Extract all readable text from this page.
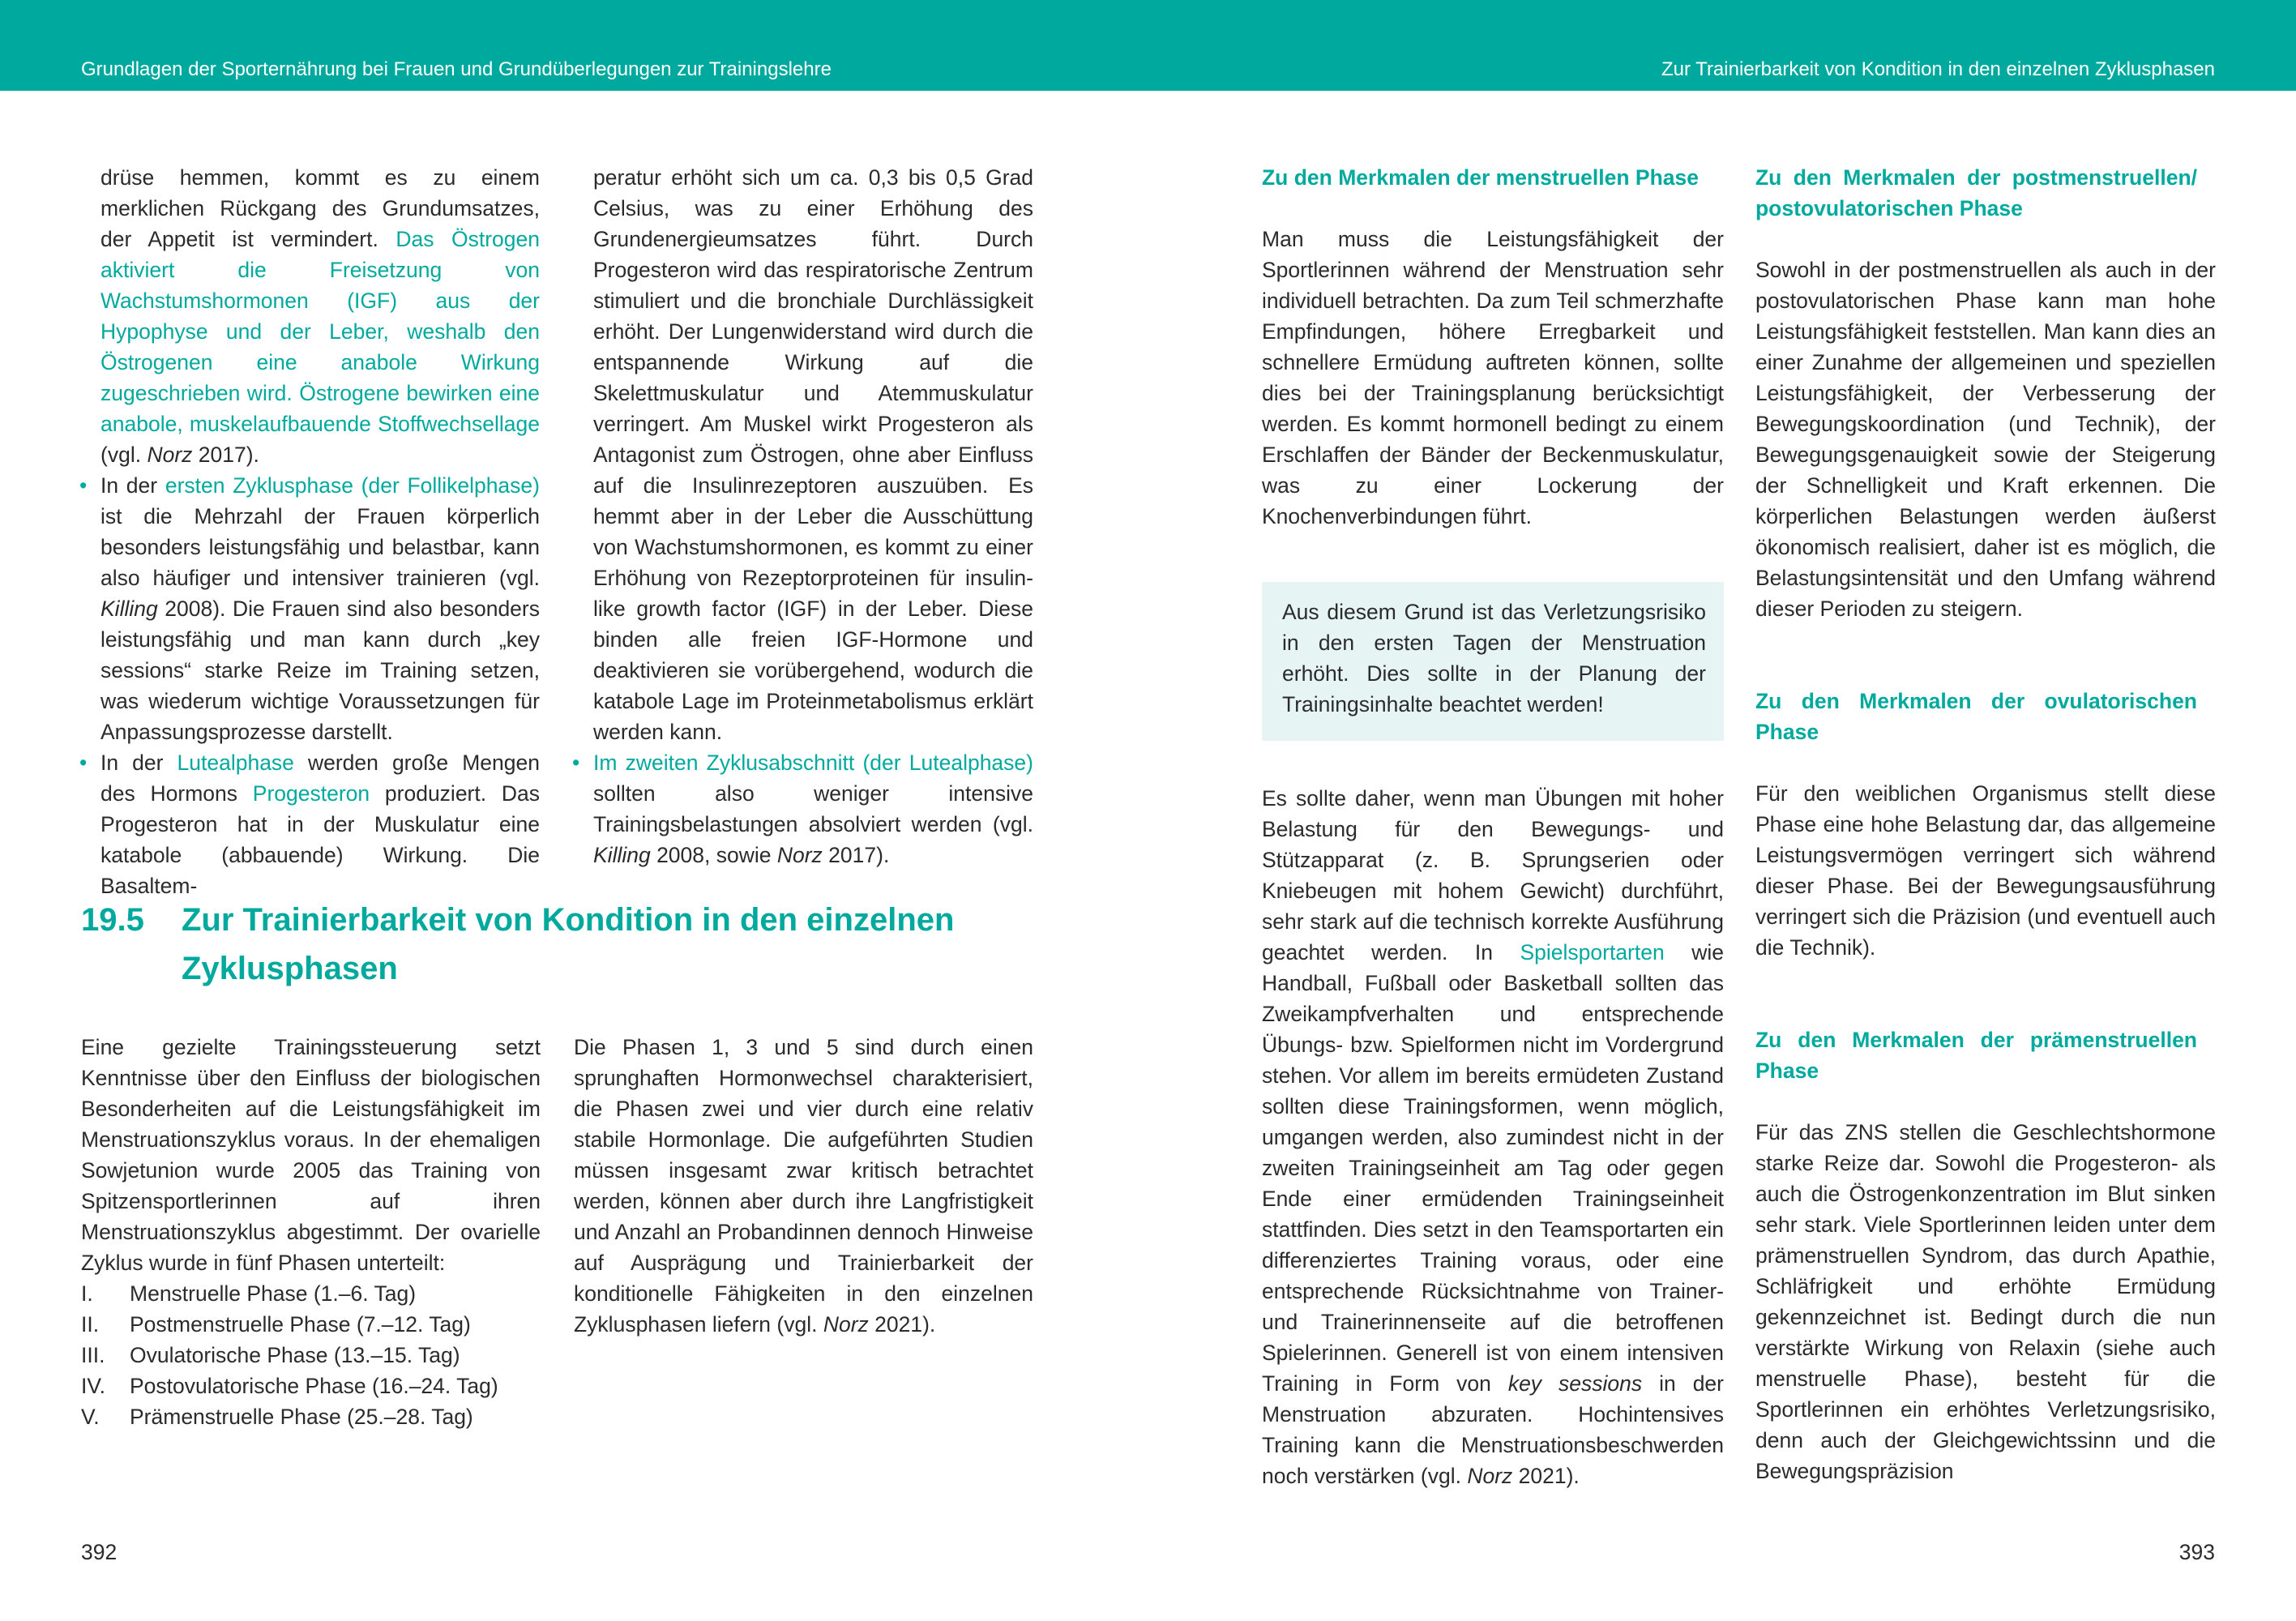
Grundlagen der Sporternährung bei Frauen und Grundüberlegungen zur Trainingslehre	Zur Trainierbarkeit von Kondition in den einzelnen Zyklusphasen

drüse hemmen, kommt es zu einem merklichen Rückgang des Grundumsatzes, der Appetit ist vermindert. Das Östrogen aktiviert die Freisetzung von Wachstumshormonen (IGF) aus der Hypophyse und der Leber, weshalb den Östrogenen eine anabole Wirkung zugeschrieben wird. Östrogene bewirken eine anabole, muskelaufbauende Stoffwechsellage (vgl. Norz 2017).

• In der ersten Zyklusphase (der Follikelphase) ist die Mehrzahl der Frauen körperlich besonders leistungsfähig und belastbar, kann also häufiger und intensiver trainieren (vgl. Killing 2008). Die Frauen sind also besonders leistungsfähig und man kann durch „key sessions“ starke Reize im Training setzen, was wiederum wichtige Voraussetzungen für Anpassungsprozesse darstellt.
• In der Lutealphase werden große Mengen des Hormons Progesteron produziert. Das Progesteron hat in der Muskulatur eine katabole (abbauende) Wirkung. Die Basaltem-

peratur erhöht sich um ca. 0,3 bis 0,5 Grad Celsius, was zu einer Erhöhung des Grundenergieumsatzes führt. Durch Progesteron wird das respiratorische Zentrum stimuliert und die bronchiale Durchlässigkeit erhöht. Der Lungenwiderstand wird durch die entspannende Wirkung auf die Skelettmuskulatur und Atemmuskulatur verringert. Am Muskel wirkt Progesteron als Antagonist zum Östrogen, ohne aber Einfluss auf die Insulinrezeptoren auszuüben. Es hemmt aber in der Leber die Ausschüttung von Wachstumshormonen, es kommt zu einer Erhöhung von Rezeptorproteinen für insulin-like growth factor (IGF) in der Leber. Diese binden alle freien IGF-Hormone und deaktivieren sie vorübergehend, wodurch die katabole Lage im Proteinmetabolismus erklärt werden kann.

• Im zweiten Zyklusabschnitt (der Lutealphase) sollten also weniger intensive Trainingsbelastungen absolviert werden (vgl. Killing 2008, sowie Norz 2017).
19.5	Zur Trainierbarkeit von Kondition in den einzelnen Zyklusphasen

Eine gezielte Trainingssteuerung setzt Kenntnisse über den Einfluss der biologischen Besonderheiten auf die Leistungsfähigkeit im Menstruationszyklus voraus. In der ehemaligen Sowjetunion wurde 2005 das Training von Spitzensportlerinnen auf ihren Menstruationszyklus abgestimmt. Der ovarielle Zyklus wurde in fünf Phasen unterteilt:

I. Menstruelle Phase (1.–6. Tag)
II. Postmenstruelle Phase (7.–12. Tag)
III. Ovulatorische Phase (13.–15. Tag)
IV. Postovulatorische Phase (16.–24. Tag)
V. Prämenstruelle Phase (25.–28. Tag)

Die Phasen 1, 3 und 5 sind durch einen sprunghaften Hormonwechsel charakterisiert, die Phasen zwei und vier durch eine relativ stabile Hormonlage. Die aufgeführten Studien müssen insgesamt zwar kritisch betrachtet werden, können aber durch ihre Langfristigkeit und Anzahl an Probandinnen dennoch Hinweise auf Ausprägung und Trainierbarkeit der konditionelle Fähigkeiten in den einzelnen Zyklusphasen liefern (vgl. Norz 2021).

Zu den Merkmalen der menstruellen Phase

Man muss die Leistungsfähigkeit der Sportlerinnen während der Menstruation sehr individuell betrachten. Da zum Teil schmerzhafte Empfindungen, höhere Erregbarkeit und schnellere Ermüdung auftreten können, sollte dies bei der Trainingsplanung berücksichtigt werden. Es kommt hormonell bedingt zu einem Erschlaffen der Bänder der Beckenmuskulatur, was zu einer Lockerung der Knochenverbindungen führt.

Aus diesem Grund ist das Verletzungsrisiko in den ersten Tagen der Menstruation erhöht. Dies sollte in der Planung der Trainingsinhalte beachtet werden!

Es sollte daher, wenn man Übungen mit hoher Belastung für den Bewegungs- und Stützapparat (z. B. Sprungserien oder Kniebeugen mit hohem Gewicht) durchführt, sehr stark auf die technisch korrekte Ausführung geachtet werden. In Spielsportarten wie Handball, Fußball oder Basketball sollten das Zweikampfverhalten und entsprechende Übungs- bzw. Spielformen nicht im Vordergrund stehen. Vor allem im bereits ermüdeten Zustand sollten diese Trainingsformen, wenn möglich, umgangen werden, also zumindest nicht in der zweiten Trainingseinheit am Tag oder gegen Ende einer ermüdenden Trainingseinheit stattfinden. Dies setzt in den Teamsportarten ein differenziertes Training voraus, oder eine entsprechende Rücksichtnahme von Trainer- und Trainerinnenseite auf die betroffenen Spielerinnen. Generell ist von einem intensiven Training in Form von key sessions in der Menstruation abzuraten. Hochintensives Training kann die Menstruationsbeschwerden noch verstärken (vgl. Norz 2021).

Zu den Merkmalen der postmenstruellen/ postovulatorischen Phase

Sowohl in der postmenstruellen als auch in der postovulatorischen Phase kann man hohe Leistungsfähigkeit feststellen. Man kann dies an einer Zunahme der allgemeinen und speziellen Leistungsfähigkeit, der Verbesserung der Bewegungskoordination (und Technik), der Bewegungsgenauigkeit sowie der Steigerung der Schnelligkeit und Kraft erkennen. Die körperlichen Belastungen werden äußerst ökonomisch realisiert, daher ist es möglich, die Belastungsintensität und den Umfang während dieser Perioden zu steigern.

Zu den Merkmalen der ovulatorischen Phase

Für den weiblichen Organismus stellt diese Phase eine hohe Belastung dar, das allgemeine Leistungsvermögen verringert sich während dieser Phase. Bei der Bewegungsausführung verringert sich die Präzision (und eventuell auch die Technik).

Zu den Merkmalen der prämenstruellen Phase

Für das ZNS stellen die Geschlechtshormone starke Reize dar. Sowohl die Progesteron- als auch die Östrogenkonzentration im Blut sinken sehr stark. Viele Sportlerinnen leiden unter dem prämenstruellen Syndrom, das durch Apathie, Schläfrigkeit und erhöhte Ermüdung gekennzeichnet ist. Bedingt durch die nun verstärkte Wirkung von Relaxin (siehe auch menstruelle Phase), besteht für die Sportlerinnen ein erhöhtes Verletzungsrisiko, denn auch der Gleichgewichtssinn und die Bewegungspräzision

392	393
